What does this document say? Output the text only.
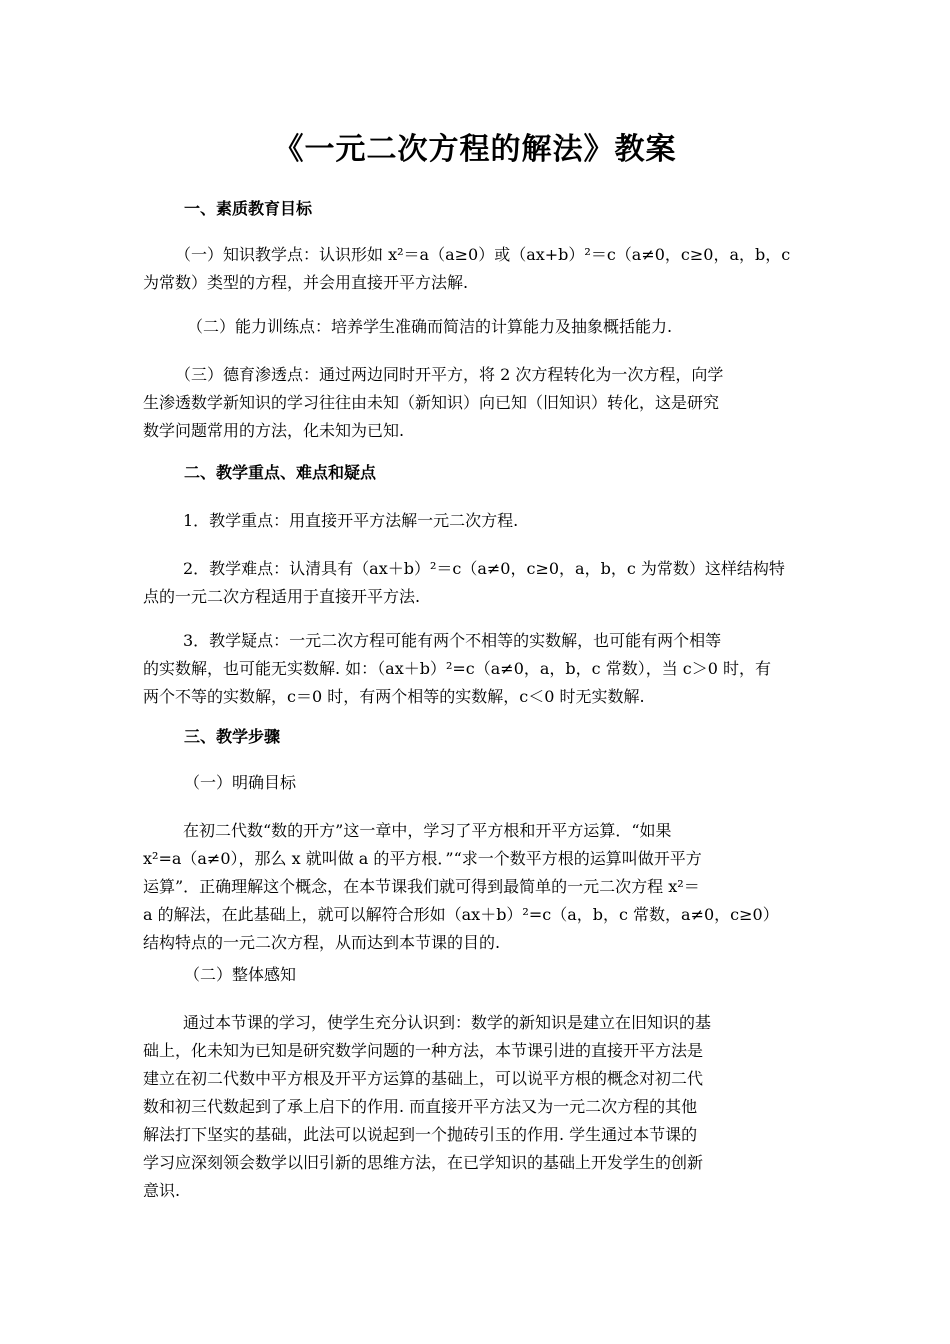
《一元二次方程的解法》教案
一、素质教育目标
（一）知识教学点：认识形如 x²＝a（a≥0）或（ax+b）²＝c（a≠0，c≥0，a，b，c
为常数）类型的方程，并会用直接开平方法解.
（二）能力训练点：培养学生准确而简洁的计算能力及抽象概括能力.
（三）德育渗透点：通过两边同时开平方，将 2 次方程转化为一次方程，向学
生渗透数学新知识的学习往往由未知（新知识）向已知（旧知识）转化，这是研究
数学问题常用的方法，化未知为已知.
二、教学重点、难点和疑点
1．教学重点：用直接开平方法解一元二次方程.
2．教学难点：认清具有（ax＋b）²＝c（a≠0，c≥0，a，b，c 为常数）这样结构特
点的一元二次方程适用于直接开平方法.
3．教学疑点：一元二次方程可能有两个不相等的实数解，也可能有两个相等
的实数解，也可能无实数解. 如：（ax＋b）²=c（a≠0，a，b，c 常数），当 c＞0 时，有
两个不等的实数解，c＝0 时，有两个相等的实数解，c＜0 时无实数解.
三、教学步骤
（一）明确目标
在初二代数“数的开方”这一章中，学习了平方根和开平方运算．“如果
x²=a（a≠0），那么 x 就叫做 a 的平方根．”“求一个数平方根的运算叫做开平方
运算”．正确理解这个概念，在本节课我们就可得到最简单的一元二次方程 x²＝
a 的解法，在此基础上，就可以解符合形如（ax＋b）²=c（a，b，c 常数，a≠0，c≥0）
结构特点的一元二次方程，从而达到本节课的目的.
（二）整体感知
通过本节课的学习，使学生充分认识到：数学的新知识是建立在旧知识的基
础上，化未知为已知是研究数学问题的一种方法，本节课引进的直接开平方法是
建立在初二代数中平方根及开平方运算的基础上，可以说平方根的概念对初二代
数和初三代数起到了承上启下的作用. 而直接开平方法又为一元二次方程的其他
解法打下坚实的基础，此法可以说起到一个抛砖引玉的作用. 学生通过本节课的
学习应深刻领会数学以旧引新的思维方法，在已学知识的基础上开发学生的创新
意识.
